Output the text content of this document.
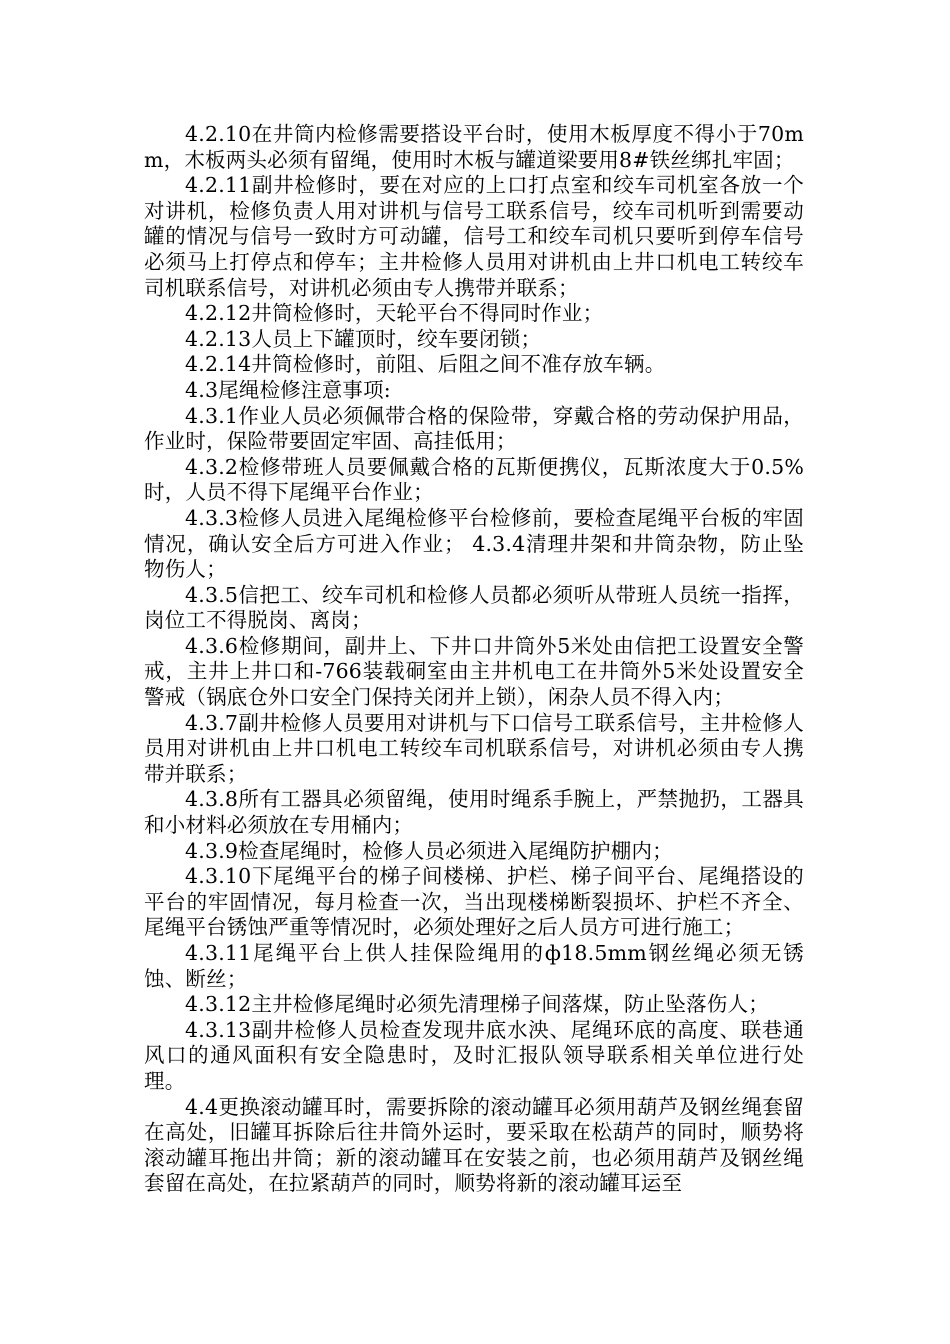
4.2.10在井筒内检修需要搭设平台时，使用木板厚度不得小于70mm，木板两头必须有留绳，使用时木板与罐道梁要用8#铁丝绑扎牢固；

4.2.11副井检修时，要在对应的上口打点室和绞车司机室各放一个对讲机，检修负责人用对讲机与信号工联系信号，绞车司机听到需要动罐的情况与信号一致时方可动罐，信号工和绞车司机只要听到停车信号必须马上打停点和停车；主井检修人员用对讲机由上井口机电工转绞车司机联系信号，对讲机必须由专人携带并联系；

4.2.12井筒检修时，天轮平台不得同时作业；

4.2.13人员上下罐顶时，绞车要闭锁；

4.2.14井筒检修时，前阻、后阻之间不准存放车辆。

4.3尾绳检修注意事项:

4.3.1作业人员必须佩带合格的保险带，穿戴合格的劳动保护用品，作业时，保险带要固定牢固、高挂低用；

4.3.2检修带班人员要佩戴合格的瓦斯便携仪，瓦斯浓度大于0.5%时，人员不得下尾绳平台作业；

4.3.3检修人员进入尾绳检修平台检修前，要检查尾绳平台板的牢固情况，确认安全后方可进入作业； 4.3.4清理井架和井筒杂物，防止坠物伤人；

4.3.5信把工、绞车司机和检修人员都必须听从带班人员统一指挥，岗位工不得脱岗、离岗；

4.3.6检修期间，副井上、下井口井筒外5米处由信把工设置安全警戒，主井上井口和-766装载硐室由主井机电工在井筒外5米处设置安全警戒（锅底仓外口安全门保持关闭并上锁），闲杂人员不得入内；

4.3.7副井检修人员要用对讲机与下口信号工联系信号，主井检修人员用对讲机由上井口机电工转绞车司机联系信号，对讲机必须由专人携带并联系；

4.3.8所有工器具必须留绳，使用时绳系手腕上，严禁抛扔，工器具和小材料必须放在专用桶内；

4.3.9检查尾绳时，检修人员必须进入尾绳防护棚内；

4.3.10下尾绳平台的梯子间楼梯、护栏、梯子间平台、尾绳搭设的平台的牢固情况，每月检查一次，当出现楼梯断裂损坏、护栏不齐全、尾绳平台锈蚀严重等情况时，必须处理好之后人员方可进行施工；

4.3.11尾绳平台上供人挂保险绳用的ф18.5mm钢丝绳必须无锈蚀、断丝；

4.3.12主井检修尾绳时必须先清理梯子间落煤，防止坠落伤人；

4.3.13副井检修人员检查发现井底水泱、尾绳环底的高度、联巷通风口的通风面积有安全隐患时，及时汇报队领导联系相关单位进行处理。

4.4更换滚动罐耳时，需要拆除的滚动罐耳必须用葫芦及钢丝绳套留在高处，旧罐耳拆除后往井筒外运时，要采取在松葫芦的同时，顺势将滚动罐耳拖出井筒；新的滚动罐耳在安装之前，也必须用葫芦及钢丝绳套留在高处，在拉紧葫芦的同时，顺势将新的滚动罐耳运至
